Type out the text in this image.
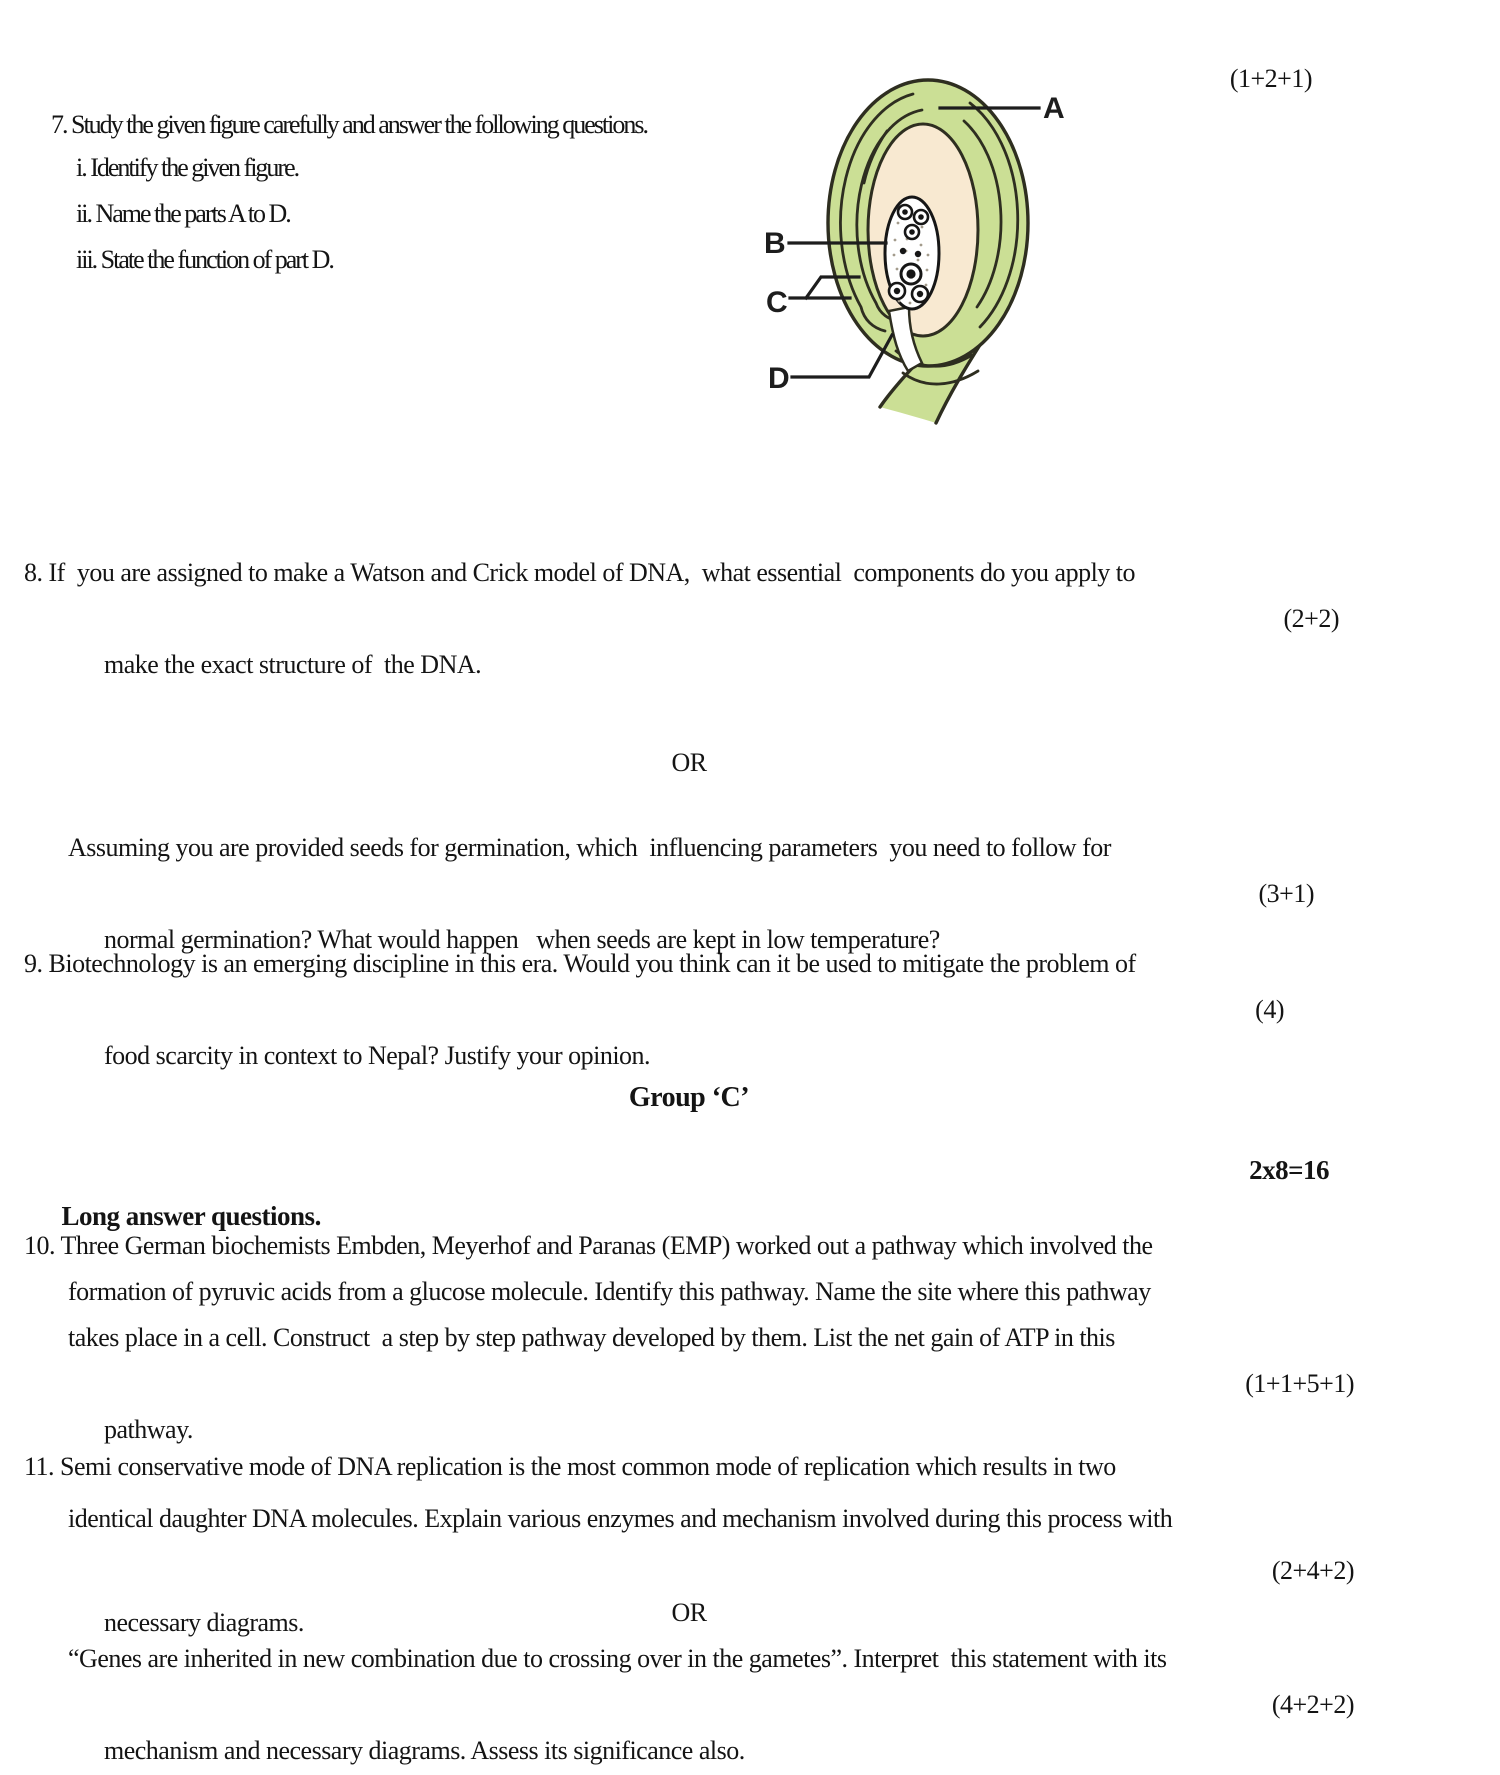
7. Study the given figure carefully and answer the following questions.

(1+2+1)

i. Identify the given figure.
ii. Name the parts A to D.
iii. State the function of part D.
A
B
C
D
8. If  you are assigned to make a Watson and Crick model of DNA,  what essential  components do you apply to

make the exact structure of  the DNA.

(2+2)

OR
Assuming you are provided seeds for germination, which  influencing parameters  you need to follow for

normal germination? What would happen   when seeds are kept in low temperature?

(3+1)

9. Biotechnology is an emerging discipline in this era. Would you think can it be used to mitigate the problem of

food scarcity in context to Nepal? Justify your opinion.

(4)

Group ‘C’

Long answer questions.

2x8=16

10. Three German biochemists Embden, Meyerhof and Paranas (EMP) worked out a pathway which involved the
formation of pyruvic acids from a glucose molecule. Identify this pathway. Name the site where this pathway
takes place in a cell. Construct  a step by step pathway developed by them. List the net gain of ATP in this

pathway.

(1+1+5+1)

11. Semi conservative mode of DNA replication is the most common mode of replication which results in two
identical daughter DNA molecules. Explain various enzymes and mechanism involved during this process with

necessary diagrams.

(2+4+2)

OR
“Genes are inherited in new combination due to crossing over in the gametes”. Interpret  this statement with its

mechanism and necessary diagrams. Assess its significance also.

(4+2+2)
